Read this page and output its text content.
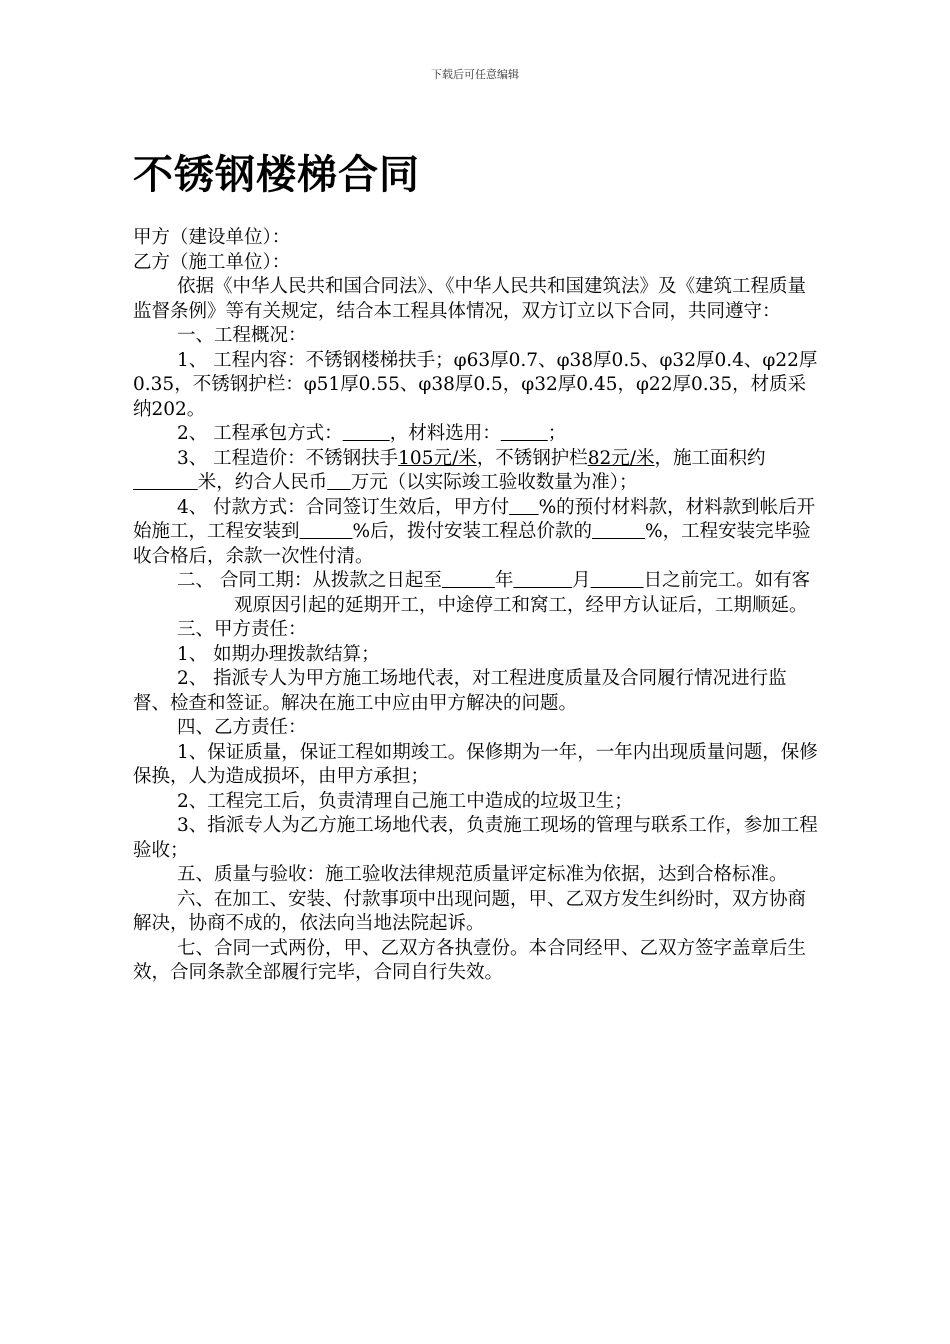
下载后可任意编辑
不锈钢楼梯合同

甲方（建设单位）：

乙方（施工单位）：

依据《中华人民共和国合同法》、《中华人民共和国建筑法》及《建筑工程质量监督条例》等有关规定，结合本工程具体情况，双方订立以下合同，共同遵守：

一、工程概况：

1、 工程内容：不锈钢楼梯扶手；φ63厚0.7、φ38厚0.5、φ32厚0.4、φ22厚0.35，不锈钢护栏：φ51厚0.55、φ38厚0.5，φ32厚0.45，φ22厚0.35，材质采纳202。

2、 工程承包方式：	，材料选用：	；

3、 工程造价：不锈钢扶手105元/米，不锈钢护栏82元/米，施工面积约           米，约合人民币 万元（以实际竣工验收数量为准）；

4、 付款方式：合同签订生效后，甲方付 %的预付材料款，材料款到帐后开始施工，工程安装到	%后，拨付安装工程总价款的	%，工程安装完毕验收合格后，余款一次性付清。

二、 合同工期：从拨款之日起至	年	月	日之前完工。如有客观原因引起的延期开工，中途停工和窝工，经甲方认证后，工期顺延。

三、甲方责任：

1、 如期办理拨款结算；

2、 指派专人为甲方施工场地代表，对工程进度质量及合同履行情况进行监督、检查和签证。解决在施工中应由甲方解决的问题。

四、乙方责任：

1、保证质量，保证工程如期竣工。保修期为一年，一年内出现质量问题，保修保换，人为造成损坏，由甲方承担；

2、工程完工后，负责清理自己施工中造成的垃圾卫生；

3、指派专人为乙方施工场地代表，负责施工现场的管理与联系工作，参加工程验收；

五、质量与验收：施工验收法律规范质量评定标准为依据，达到合格标准。

六、在加工、安装、付款事项中出现问题，甲、乙双方发生纠纷时，双方协商解决，协商不成的，依法向当地法院起诉。

七、合同一式两份，甲、乙双方各执壹份。本合同经甲、乙双方签字盖章后生效，合同条款全部履行完毕，合同自行失效。
